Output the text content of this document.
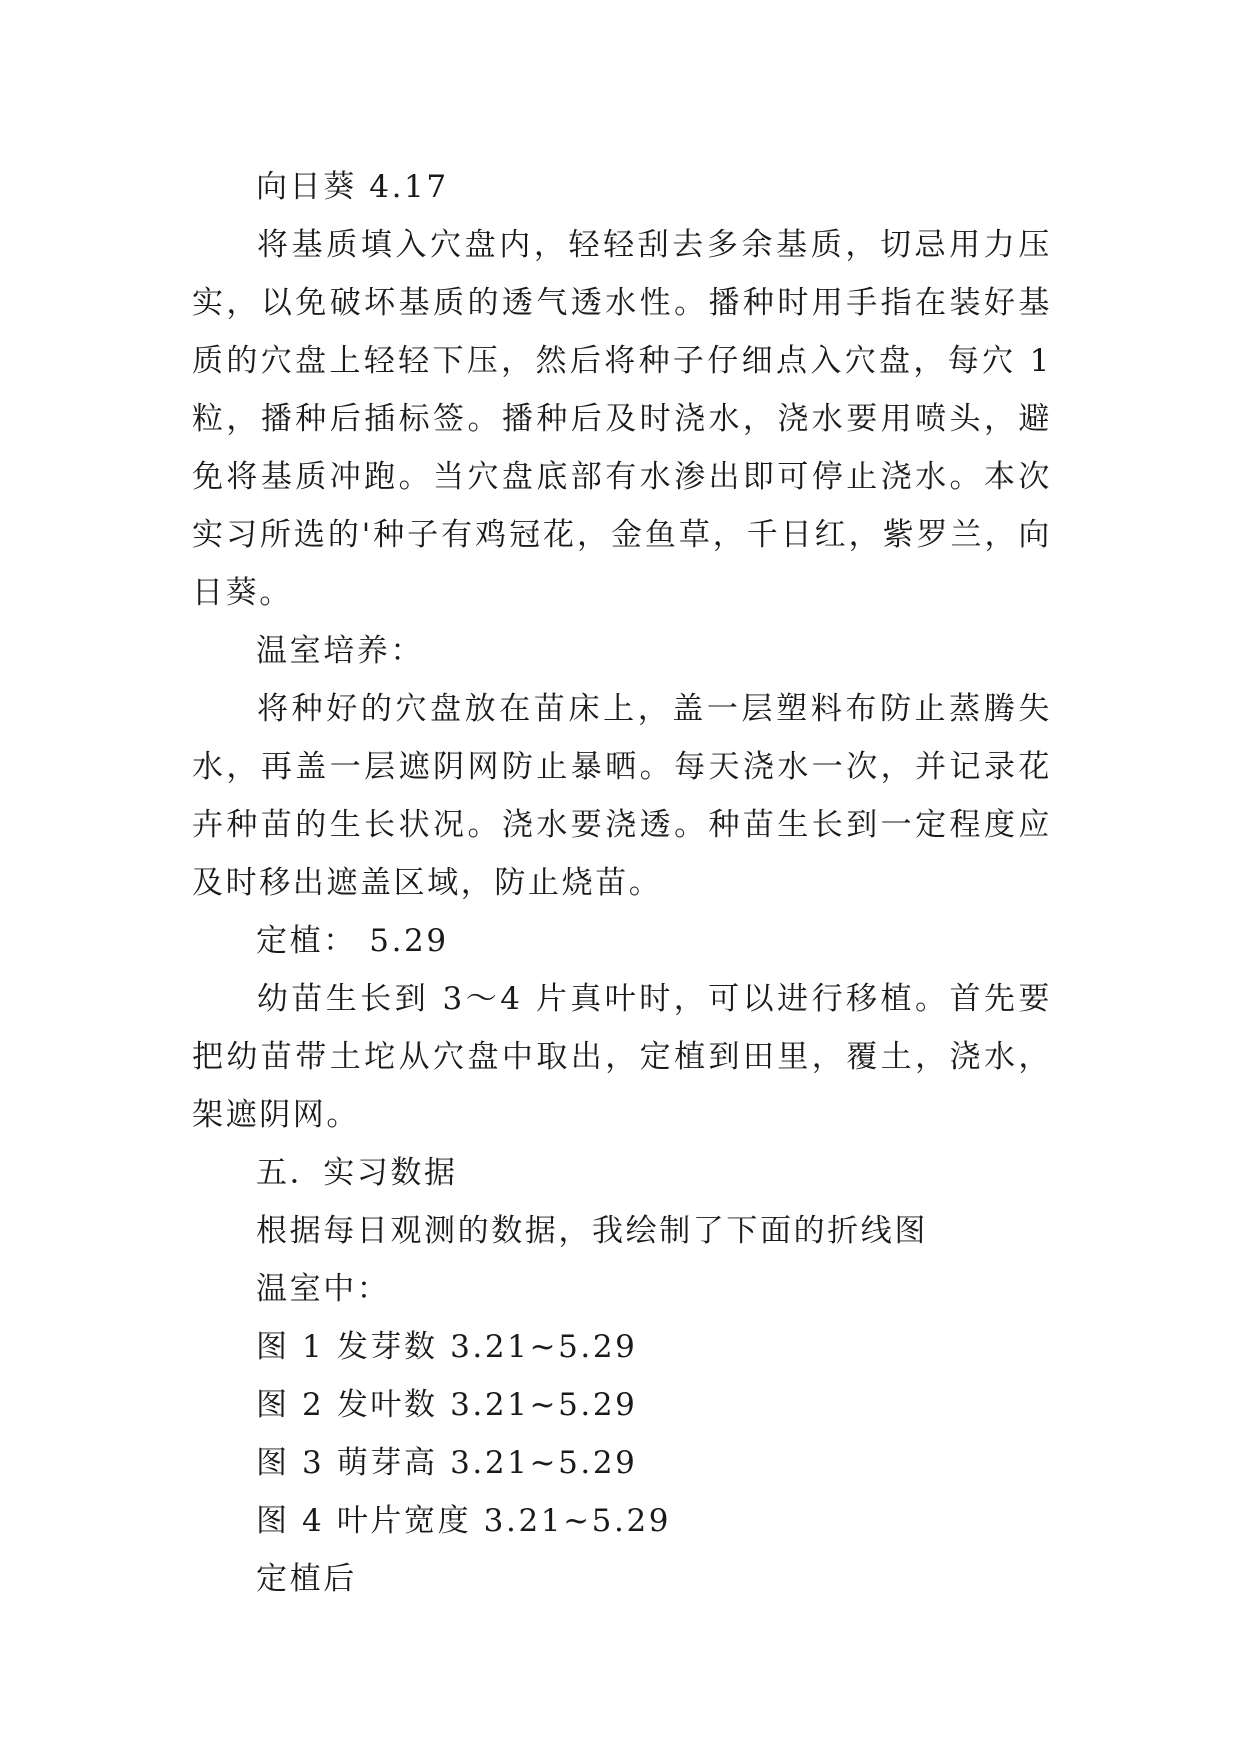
向日葵 4.17
将基质填入穴盘内，轻轻刮去多余基质，切忌用力压实，以免破坏基质的透气透水性。播种时用手指在装好基质的穴盘上轻轻下压，然后将种子仔细点入穴盘，每穴 1 粒，播种后插标签。播种后及时浇水，浇水要用喷头，避免将基质冲跑。当穴盘底部有水渗出即可停止浇水。本次实习所选的'种子有鸡冠花，金鱼草，千日红，紫罗兰，向日葵。
温室培养：
将种好的穴盘放在苗床上，盖一层塑料布防止蒸腾失水，再盖一层遮阴网防止暴晒。每天浇水一次，并记录花卉种苗的生长状况。浇水要浇透。种苗生长到一定程度应及时移出遮盖区域，防止烧苗。
定植： 5.29
幼苗生长到 3～4 片真叶时，可以进行移植。首先要把幼苗带土坨从穴盘中取出，定植到田里，覆土，浇水，架遮阴网。
五．实习数据
根据每日观测的数据，我绘制了下面的折线图
温室中：
图 1 发芽数 3.21~5.29
图 2 发叶数 3.21~5.29
图 3 萌芽高 3.21~5.29
图 4 叶片宽度 3.21~5.29
定植后
